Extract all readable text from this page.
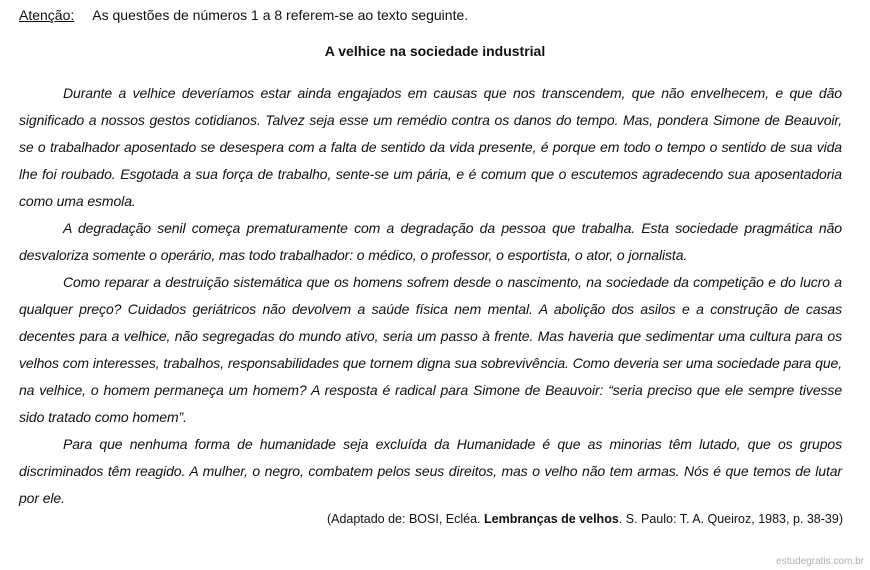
Atenção: As questões de números 1 a 8 referem-se ao texto seguinte.
A velhice na sociedade industrial

Durante a velhice deveríamos estar ainda engajados em causas que nos transcendem, que não envelhecem, e que dão significado a nossos gestos cotidianos. Talvez seja esse um remédio contra os danos do tempo. Mas, pondera Simone de Beauvoir, se o trabalhador aposentado se desespera com a falta de sentido da vida presente, é porque em todo o tempo o sentido de sua vida lhe foi roubado. Esgotada a sua força de trabalho, sente-se um pária, e é comum que o escutemos agradecendo sua aposentadoria como uma esmola.

A degradação senil começa prematuramente com a degradação da pessoa que trabalha. Esta sociedade pragmática não desvaloriza somente o operário, mas todo trabalhador: o médico, o professor, o esportista, o ator, o jornalista.

Como reparar a destruição sistemática que os homens sofrem desde o nascimento, na sociedade da competição e do lucro a qualquer preço? Cuidados geriátricos não devolvem a saúde física nem mental. A abolição dos asilos e a construção de casas decentes para a velhice, não segregadas do mundo ativo, seria um passo à frente. Mas haveria que sedimentar uma cultura para os velhos com interesses, trabalhos, responsabilidades que tornem digna sua sobrevivência. Como deveria ser uma sociedade para que, na velhice, o homem permaneça um homem? A resposta é radical para Simone de Beauvoir: “seria preciso que ele sempre tivesse sido tratado como homem”.

Para que nenhuma forma de humanidade seja excluída da Humanidade é que as minorias têm lutado, que os grupos discriminados têm reagido. A mulher, o negro, combatem pelos seus direitos, mas o velho não tem armas. Nós é que temos de lutar por ele.

(Adaptado de: BOSI, Ecléa. Lembranças de velhos. S. Paulo: T. A. Queiroz, 1983, p. 38-39)
estudegratis.com.br
